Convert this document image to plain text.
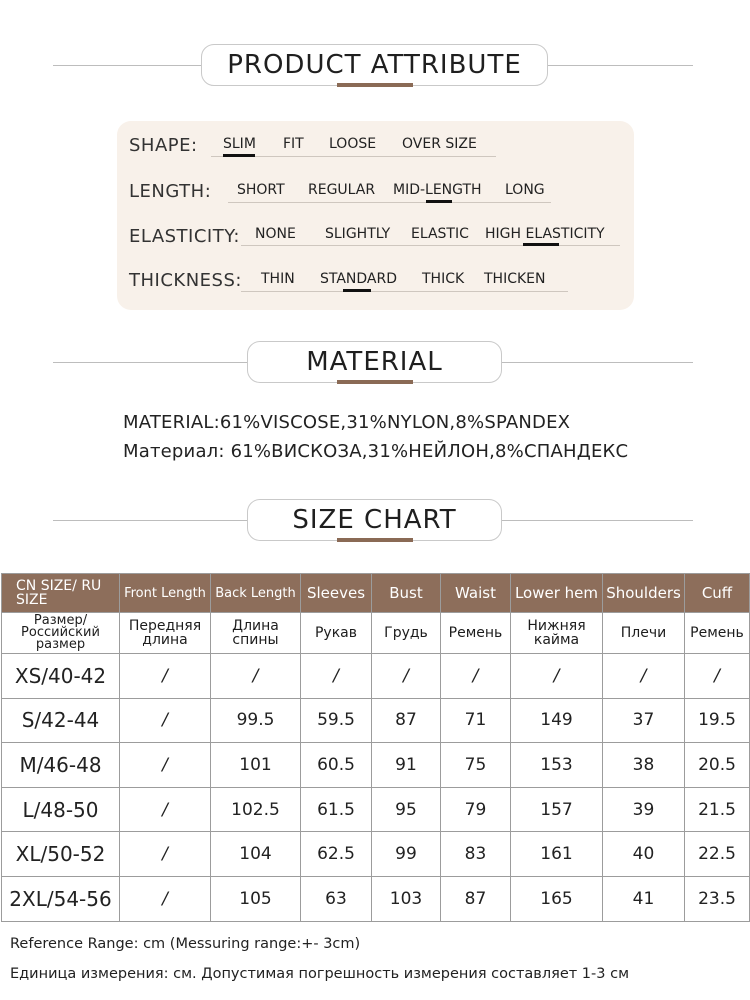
PRODUCT ATTRIBUTE
SHAPE: SLIM FIT LOOSE OVER SIZE
LENGTH: SHORT REGULAR MID-LENGTH LONG
ELASTICITY: NONE SLIGHTLY ELASTIC HIGH ELASTICITY
THICKNESS: THIN STANDARD THICK THICKEN
MATERIAL
MATERIAL:61%VISCOSE,31%NYLON,8%SPANDEX
Материал: 61%ВИСКОЗА,31%НЕЙЛОН,8%СПАНДЕКС
SIZE CHART
CN SIZE/ RU SIZE	Front Length	Back Length	Sleeves	Bust	Waist	Lower hem	Shoulders	Cuff
Размер/ Российский размер	Передняя длина	Длина спины	Рукав	Грудь	Ремень	Нижняя кайма	Плечи	Ремень
XS/40-42	/	/	/	/	/	/	/	/
S/42-44	/	99.5	59.5	87	71	149	37	19.5
M/46-48	/	101	60.5	91	75	153	38	20.5
L/48-50	/	102.5	61.5	95	79	157	39	21.5
XL/50-52	/	104	62.5	99	83	161	40	22.5
2XL/54-56	/	105	63	103	87	165	41	23.5
Reference Range: cm (Messuring range:+- 3cm)
Единица измерения: см. Допустимая погрешность измерения составляет 1-3 см
